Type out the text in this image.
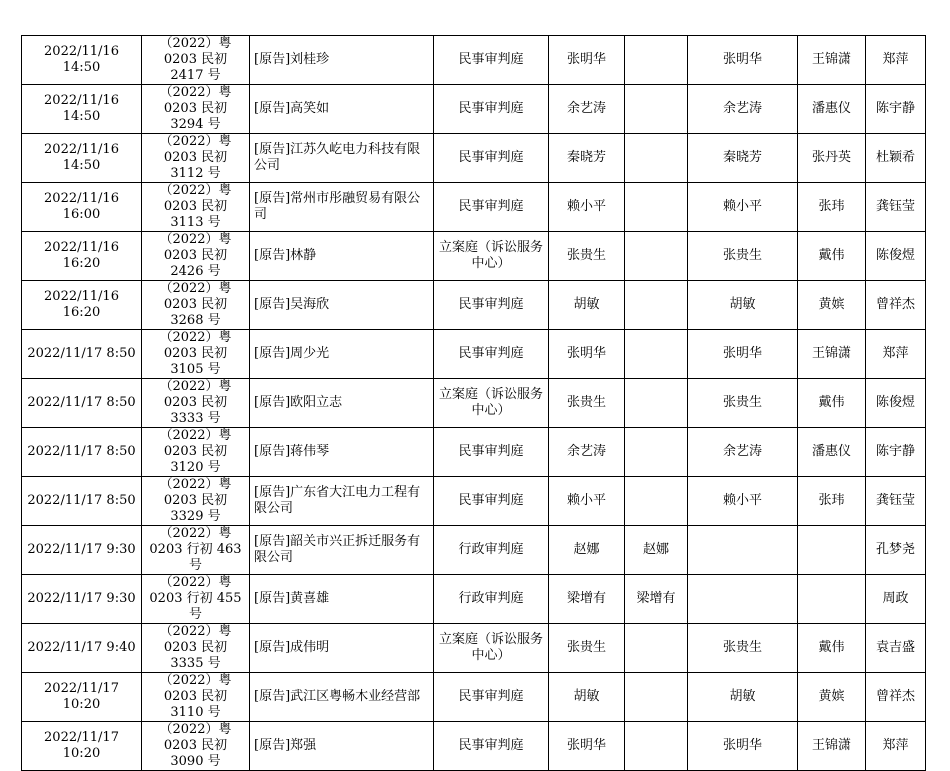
2022/11/16 14:50	（2022）粤 0203 民初 2417 号	[原告]刘桂珍	民事审判庭	张明华		张明华	王锦潇	郑萍
2022/11/16 14:50	（2022）粤 0203 民初 3294 号	[原告]高笑如	民事审判庭	余艺涛		余艺涛	潘惠仪	陈宇静
2022/11/16 14:50	（2022）粤 0203 民初 3112 号	[原告]江苏久屹电力科技有限公司	民事审判庭	秦晓芳		秦晓芳	张丹英	杜颖希
2022/11/16 16:00	（2022）粤 0203 民初 3113 号	[原告]常州市彤融贸易有限公司	民事审判庭	赖小平		赖小平	张玮	龚钰莹
2022/11/16 16:20	（2022）粤 0203 民初 2426 号	[原告]林静	立案庭（诉讼服务中心）	张贵生		张贵生	戴伟	陈俊煜
2022/11/16 16:20	（2022）粤 0203 民初 3268 号	[原告]吴海欣	民事审判庭	胡敏		胡敏	黄嫔	曾祥杰
2022/11/17 8:50	（2022）粤 0203 民初 3105 号	[原告]周少光	民事审判庭	张明华		张明华	王锦潇	郑萍
2022/11/17 8:50	（2022）粤 0203 民初 3333 号	[原告]欧阳立志	立案庭（诉讼服务中心）	张贵生		张贵生	戴伟	陈俊煜
2022/11/17 8:50	（2022）粤 0203 民初 3120 号	[原告]蒋伟琴	民事审判庭	余艺涛		余艺涛	潘惠仪	陈宇静
2022/11/17 8:50	（2022）粤 0203 民初 3329 号	[原告]广东省大江电力工程有限公司	民事审判庭	赖小平		赖小平	张玮	龚钰莹
2022/11/17 9:30	（2022）粤 0203 行初 463 号	[原告]韶关市兴正拆迁服务有限公司	行政审判庭	赵娜	赵娜			孔梦尧
2022/11/17 9:30	（2022）粤 0203 行初 455 号	[原告]黄喜雄	行政审判庭	梁增有	梁增有			周政
2022/11/17 9:40	（2022）粤 0203 民初 3335 号	[原告]成伟明	立案庭（诉讼服务中心）	张贵生		张贵生	戴伟	袁吉盛
2022/11/17 10:20	（2022）粤 0203 民初 3110 号	[原告]武江区粤畅木业经营部	民事审判庭	胡敏		胡敏	黄嫔	曾祥杰
2022/11/17 10:20	（2022）粤 0203 民初 3090 号	[原告]郑强	民事审判庭	张明华		张明华	王锦潇	郑萍
